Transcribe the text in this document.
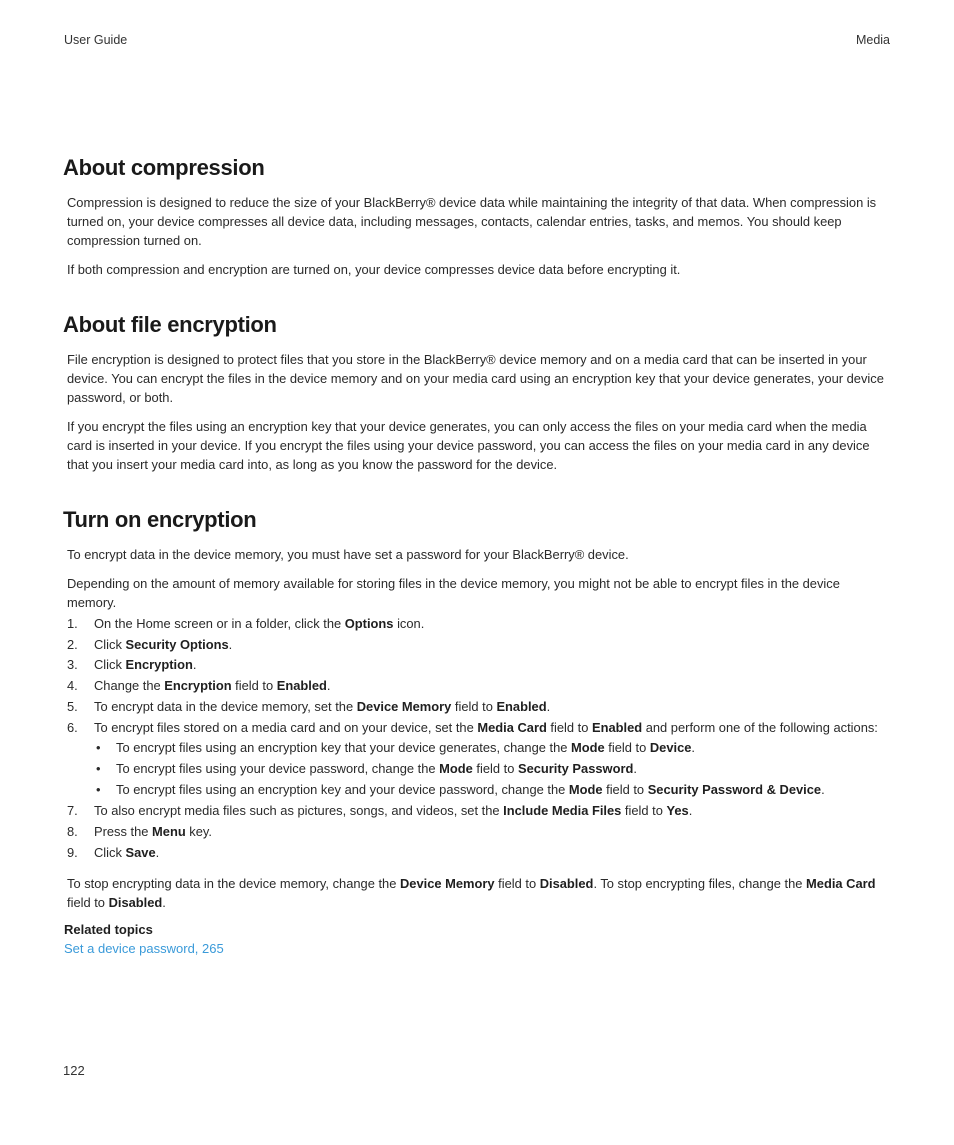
User Guide	Media
About compression

Compression is designed to reduce the size of your BlackBerry® device data while maintaining the integrity of that data. When compression is turned on, your device compresses all device data, including messages, contacts, calendar entries, tasks, and memos. You should keep compression turned on.

If both compression and encryption are turned on, your device compresses device data before encrypting it.

About file encryption

File encryption is designed to protect files that you store in the BlackBerry® device memory and on a media card that can be inserted in your device. You can encrypt the files in the device memory and on your media card using an encryption key that your device generates, your device password, or both.

If you encrypt the files using an encryption key that your device generates, you can only access the files on your media card when the media card is inserted in your device. If you encrypt the files using your device password, you can access the files on your media card in any device that you insert your media card into, as long as you know the password for the device.

Turn on encryption

To encrypt data in the device memory, you must have set a password for your BlackBerry® device.

Depending on the amount of memory available for storing files in the device memory, you might not be able to encrypt files in the device memory.

1. On the Home screen or in a folder, click the Options icon.
2. Click Security Options.
3. Click Encryption.
4. Change the Encryption field to Enabled.
5. To encrypt data in the device memory, set the Device Memory field to Enabled.
6. To encrypt files stored on a media card and on your device, set the Media Card field to Enabled and perform one of the following actions:
• To encrypt files using an encryption key that your device generates, change the Mode field to Device.
• To encrypt files using your device password, change the Mode field to Security Password.
• To encrypt files using an encryption key and your device password, change the Mode field to Security Password & Device.
7. To also encrypt media files such as pictures, songs, and videos, set the Include Media Files field to Yes.
8. Press the Menu key.
9. Click Save.

To stop encrypting data in the device memory, change the Device Memory field to Disabled. To stop encrypting files, change the Media Card field to Disabled.

Related topics
Set a device password, 265
122
